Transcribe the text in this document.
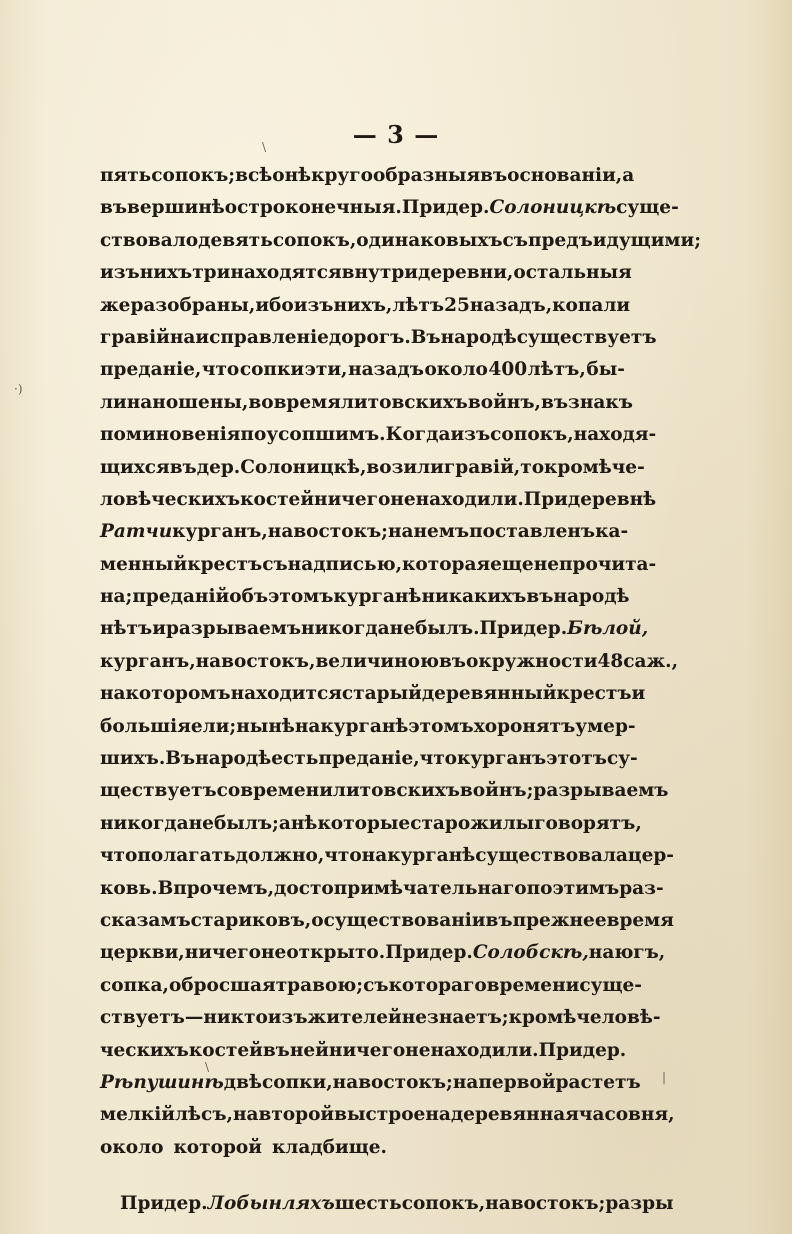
— 3 —
пять сопокъ; всѣ онѣ кругообразныя въ основаніи, а
въ вершинѣ остроконечныя. При дер. Солоницкѣ суще-
ствовало девять сопокъ, одинаковыхъ съ предъидущими;
изъ нихъ три находятся внутри деревни, остальныя
же разобраны, ибо изъ нихъ, лѣтъ 25 назадъ, копали
гравій на исправленіе дорогъ. Въ народѣ существуетъ
преданіе, что сопки эти, назадъ около 400 лѣтъ, бы-
ли наношены, во время литовскихъ войнъ, въ знакъ
поминовенія по усопшимъ. Когда изъ сопокъ, находя-
щихся въ дер. Солоницкѣ, возили гравій, то кромѣ че-
ловѣческихъ костей ничего не находили. При деревнѣ
Ратчи курганъ, на востокъ; на немъ поставленъ ка-
менный крестъ съ надписью, которая еще не прочита-
на; преданій объ этомъ курганѣ никакихъ въ народѣ
нѣтъ и разрываемъ никогда не былъ. При дер. Бѣлой,
курганъ, на востокъ, величиною въ окружности 48 саж.,
на которомъ находится старый деревянный крестъ и
большія ели; нынѣ на курганѣ этомъ хоронятъ умер-
шихъ. Въ народѣ есть преданіе, что курганъ этотъ су-
ществуетъ со времени литовскихъ войнъ; разрываемъ
никогда не былъ; а нѣкоторые старожилы говорятъ,
что полагать должно, что на курганѣ существовала цер-
ковь. Впрочемъ, достопримѣчательнаго по этимъ раз-
сказамъ стариковъ, о существованіи въ прежнее время
церкви, ничего не открыто. При дер. Солобскѣ, на югъ,
сопка, обросшая травою; съ котораго времени суще-
ствуетъ — никто изъ жителей не знаетъ; кромѣ человѣ-
ческихъ костей въ ней ничего не находили. При дер.
Рѣпушинѣ двѣ сопки, на востокъ; на первой растетъ
мелкій лѣсъ, на второй выстроена деревянная часовня,
около которой кладбище.
При дер. Лобынляхъ шесть сопокъ, на востокъ; разры
\
·)
\
|
